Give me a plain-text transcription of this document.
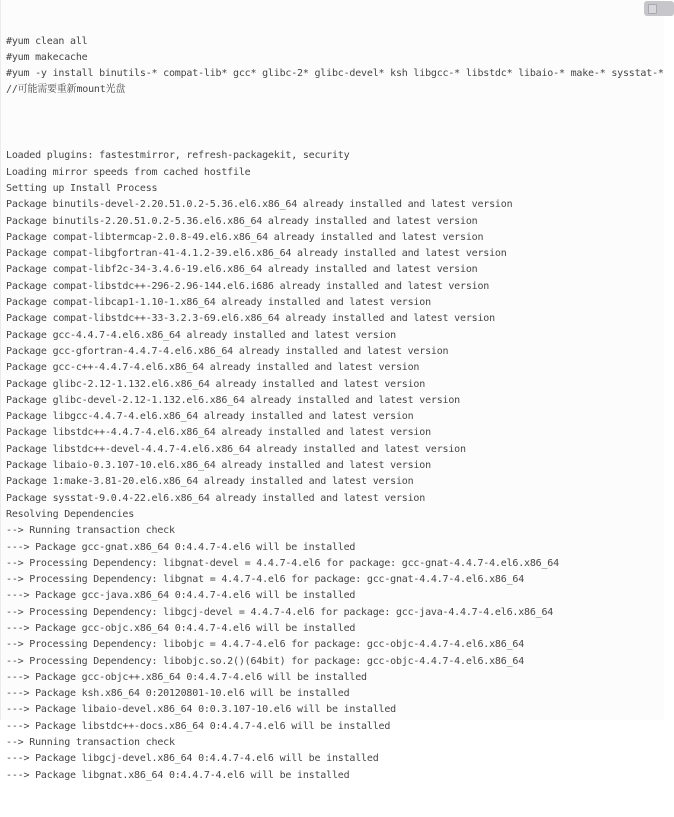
#yum clean all
#yum makecache
#yum -y install binutils-* compat-lib* gcc* glibc-2* glibc-devel* ksh libgcc-* libstdc* libaio-* make-* sysstat-*
//可能需要重新mount光盘

Loaded plugins: fastestmirror, refresh-packagekit, security
Loading mirror speeds from cached hostfile
Setting up Install Process
Package binutils-devel-2.20.51.0.2-5.36.el6.x86_64 already installed and latest version
Package binutils-2.20.51.0.2-5.36.el6.x86_64 already installed and latest version
Package compat-libtermcap-2.0.8-49.el6.x86_64 already installed and latest version
Package compat-libgfortran-41-4.1.2-39.el6.x86_64 already installed and latest version
Package compat-libf2c-34-3.4.6-19.el6.x86_64 already installed and latest version
Package compat-libstdc++-296-2.96-144.el6.i686 already installed and latest version
Package compat-libcap1-1.10-1.x86_64 already installed and latest version
Package compat-libstdc++-33-3.2.3-69.el6.x86_64 already installed and latest version
Package gcc-4.4.7-4.el6.x86_64 already installed and latest version
Package gcc-gfortran-4.4.7-4.el6.x86_64 already installed and latest version
Package gcc-c++-4.4.7-4.el6.x86_64 already installed and latest version
Package glibc-2.12-1.132.el6.x86_64 already installed and latest version
Package glibc-devel-2.12-1.132.el6.x86_64 already installed and latest version
Package libgcc-4.4.7-4.el6.x86_64 already installed and latest version
Package libstdc++-4.4.7-4.el6.x86_64 already installed and latest version
Package libstdc++-devel-4.4.7-4.el6.x86_64 already installed and latest version
Package libaio-0.3.107-10.el6.x86_64 already installed and latest version
Package 1:make-3.81-20.el6.x86_64 already installed and latest version
Package sysstat-9.0.4-22.el6.x86_64 already installed and latest version
Resolving Dependencies
--> Running transaction check
---> Package gcc-gnat.x86_64 0:4.4.7-4.el6 will be installed
--> Processing Dependency: libgnat-devel = 4.4.7-4.el6 for package: gcc-gnat-4.4.7-4.el6.x86_64
--> Processing Dependency: libgnat = 4.4.7-4.el6 for package: gcc-gnat-4.4.7-4.el6.x86_64
---> Package gcc-java.x86_64 0:4.4.7-4.el6 will be installed
--> Processing Dependency: libgcj-devel = 4.4.7-4.el6 for package: gcc-java-4.4.7-4.el6.x86_64
---> Package gcc-objc.x86_64 0:4.4.7-4.el6 will be installed
--> Processing Dependency: libobjc = 4.4.7-4.el6 for package: gcc-objc-4.4.7-4.el6.x86_64
--> Processing Dependency: libobjc.so.2()(64bit) for package: gcc-objc-4.4.7-4.el6.x86_64
---> Package gcc-objc++.x86_64 0:4.4.7-4.el6 will be installed
---> Package ksh.x86_64 0:20120801-10.el6 will be installed
---> Package libaio-devel.x86_64 0:0.3.107-10.el6 will be installed
---> Package libstdc++-docs.x86_64 0:4.4.7-4.el6 will be installed
--> Running transaction check
---> Package libgcj-devel.x86_64 0:4.4.7-4.el6 will be installed
---> Package libgnat.x86_64 0:4.4.7-4.el6 will be installed
